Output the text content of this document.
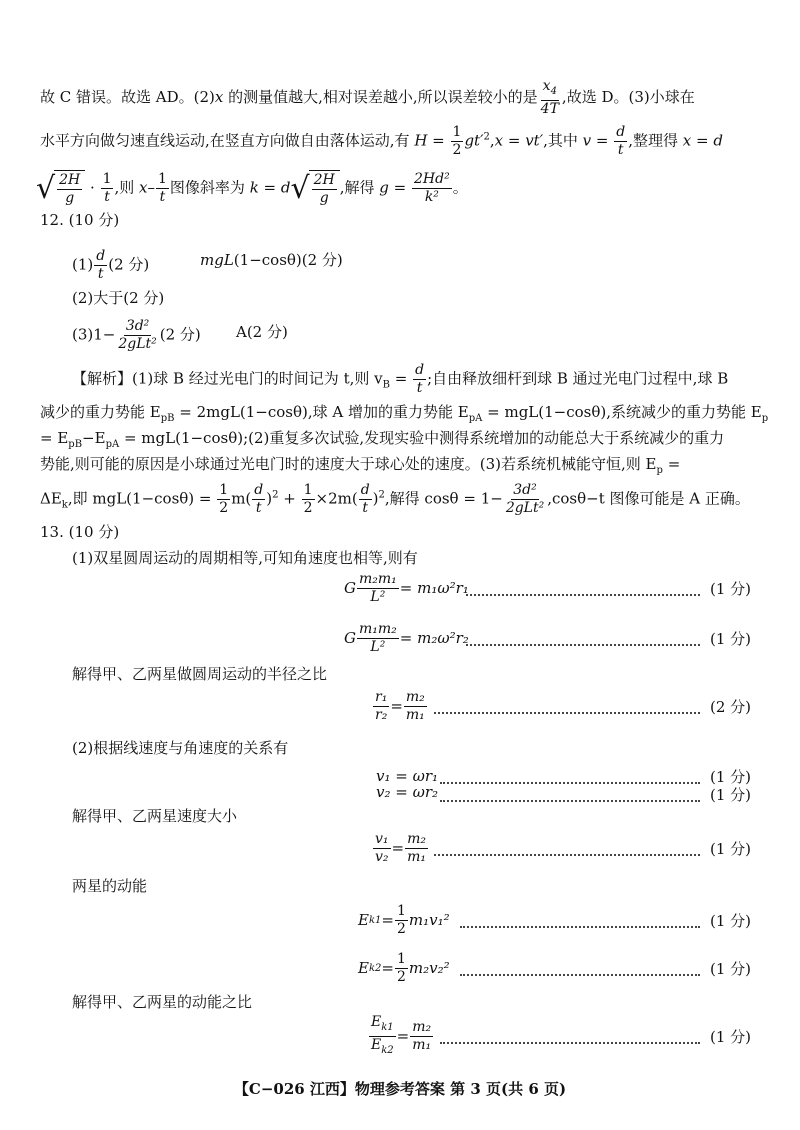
故 C 错误。故选 AD。(2)x 的测量值越大,相对误差越小,所以误差较小的是 $\frac{x_4}{4T}$ ,故选 D。(3)小球在
水平方向做匀速直线运动,在竖直方向做自由落体运动,有 $H = \frac{1}{2} gt'^2,x = vt'$,其中 $v = \frac{d}{t}$ ,整理得 x = d
√ $\frac{2H}{g} \cdot \frac{1}{t}$ ,则 $x- \frac{1}{t}$ 图像斜率为 k = d √ $\frac{2H}{g}$ ,解得 $g = \frac{\text{2Hd²}}{\text{k²}}$ 。
12. (10 分)
$(1) \frac{d}{t} (2$ 分)	mgL(1−cosθ)(2 分)
(2)大于(2 分)
$(3)1- \frac{\text{3d²}}{\text{2gLt²}} (2$ 分) A(2 分)
【解析】(1)球 B 经过光电门的时间记为 t,则 $v_B = \frac{d}{t}$ ;自由释放细杆到球 B 通过光电门过程中,球 B
减少的重力势能 $E_{pB} = 2mgL(1-\cos\theta)$,球 A 增加的重力势能 $E_{pA} = mgL(1-\cos\theta)$,系统减少的重力势能 $E_p$
= $E_{pB}-E_{pA}$ = mgL(1−cosθ);(2)重复多次试验,发现实验中测得系统增加的动能总大于系统减少的重力
势能,则可能的原因是小球通过光电门时的速度大于球心处的速度。(3)若系统机械能守恒,则 $E_p$ =
$\Delta E_k$,即 $mgL(1-\cos\theta) = \frac{1}{2} m( \frac{d}{t} )^2 + \frac{1}{2} \times 2m( \frac{d}{t} )^2$,解得 $\cos\theta = 1- \frac{\text{3d²}}{\text{2gLt²}} ,\cos\theta-t$ 图像可能是 A 正确。
13. (10 分)
(1)双星圆周运动的周期相等,可知角速度也相等,则有
G $\frac{\text{m₂m₁}}{\text{L²}} = m_1\omega^2r_1$	(1 分)
G $\frac{\text{m₁m₂}}{\text{L²}} = m_2\omega^2r_2$	(1 分)
解得甲、乙两星做圆周运动的半径之比
$\frac{\text{r₁}}{\text{r₂}} = \frac{\text{m₂}}{\text{m₁}}$	(2 分)
(2)根据线速度与角速度的关系有
v₁ = ωr₁	(1 分)
v₂ = ωr₂	(1 分)
解得甲、乙两星速度大小
$\frac{\text{v₁}}{\text{v₂}} = \frac{\text{m₂}}{\text{m₁}}$	(1 分)
两星的动能
E $k1 = \frac{1}{2} m_1v_1^2$	(1 分)
E $k2 = \frac{1}{2} m_2v_2^2$	(1 分)
解得甲、乙两星的动能之比
$\frac{E_{k1}}{E_{k2}} = \frac{\text{m₂}}{\text{m₁}}$	(1 分)
【C−026 江西】物理参考答案 第 3 页(共 6 页)
